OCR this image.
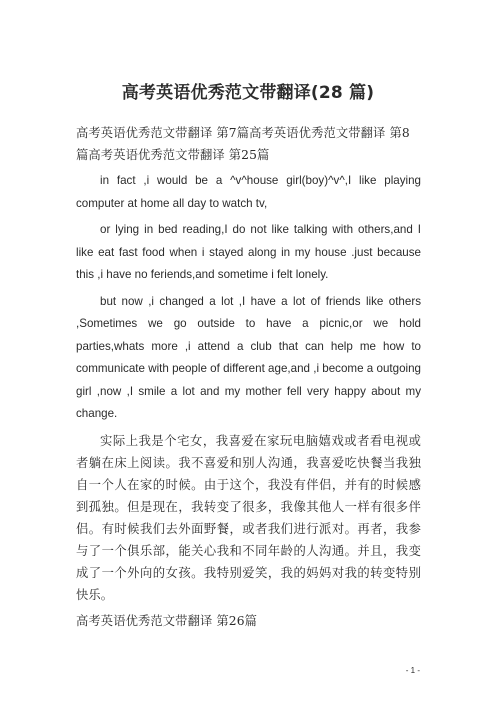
高考英语优秀范文带翻译(28 篇)

高考英语优秀范文带翻译 第7篇高考英语优秀范文带翻译 第8篇高考英语优秀范文带翻译 第25篇

in fact ,i would be a ^v^house girl(boy)^v^,I like playing computer at home all day to watch tv,

or lying in bed reading,I do not like talking with others,and I like eat fast food when i stayed along in my house .just because this ,i have no feriends,and sometime i felt lonely.

but now ,i changed a lot ,I have a lot of friends like others ,Sometimes we go outside to have a picnic,or we hold parties,whats more ,i attend a club that can help me how to communicate with people of different age,and ,i become a outgoing girl ,now ,I smile a lot and my mother fell very happy about my change.

实际上我是个宅女，我喜爱在家玩电脑嬉戏或者看电视或者躺在床上阅读。我不喜爱和别人沟通，我喜爱吃快餐当我独自一个人在家的时候。由于这个，我没有伴侣，并有的时候感到孤独。但是现在，我转变了很多，我像其他人一样有很多伴侣。有时候我们去外面野餐，或者我们进行派对。再者，我参与了一个俱乐部，能关心我和不同年龄的人沟通。并且，我变成了一个外向的女孩。我特别爱笑，我的妈妈对我的转变特别快乐。

高考英语优秀范文带翻译 第26篇

- 1 -
